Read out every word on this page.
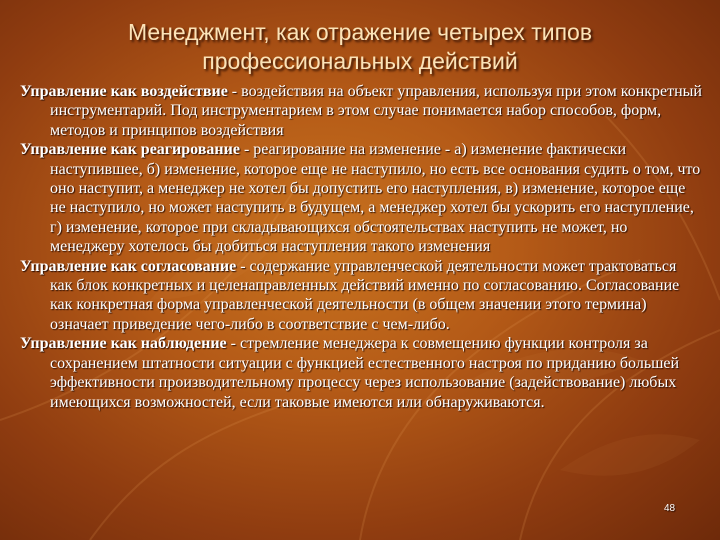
Менеджмент, как отражение четырех типов
профессиональных действий

Управление как воздействие - воздействия на объект управления, используя при этом конкретный инструментарий. Под инструментарием в этом случае понимается набор способов, форм, методов и принципов воздействия

Управление как реагирование - реагирование на изменение - а) изменение фактически наступившее, б) изменение, которое еще не наступило, но есть все основания судить о том, что оно наступит, а менеджер не хотел бы допустить его наступления, в) изменение, которое еще не наступило, но может наступить в будущем, а менеджер хотел бы ускорить его наступление, г) изменение, которое при складывающихся обстоятельствах наступить не может, но менеджеру хотелось бы добиться наступления такого изменения

Управление как согласование - содержание управленческой деятельности может трактоваться как блок конкретных и целенаправленных действий именно по согласованию. Согласование как конкретная форма управленческой деятельности (в общем значении этого термина) означает приведение чего-либо в соответствие с чем-либо.

Управление как наблюдение - стремление менеджера к совмещению функции контроля за сохранением штатности ситуации с функцией естественного настроя по приданию большей эффективности производительному процессу через использование (задействование) любых имеющихся возможностей, если таковые имеются или обнаруживаются.

48
